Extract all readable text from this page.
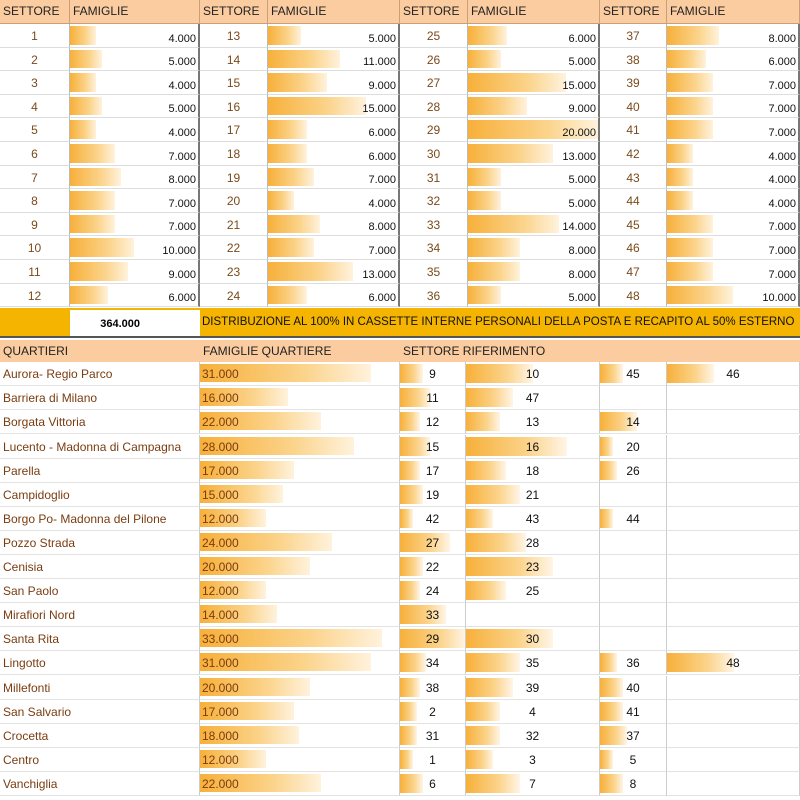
SETTORE FAMIGLIE	SETTORE FAMIGLIE	SETTORE FAMIGLIE	SETTORE FAMIGLIE
1	4.000	13	5.000	25	6.000	37	8.000
2	5.000	14	11.000	26	5.000	38	6.000
3	4.000	15	9.000	27	15.000	39	7.000
4	5.000	16	15.000	28	9.000	40	7.000
5	4.000	17	6.000	29	20.000	41	7.000
6	7.000	18	6.000	30	13.000	42	4.000
7	8.000	19	7.000	31	5.000	43	4.000
8	7.000	20	4.000	32	5.000	44	4.000
9	7.000	21	8.000	33	14.000	45	7.000
10	10.000	22	7.000	34	8.000	46	7.000
11	9.000	23	13.000	35	8.000	47	7.000
12	6.000	24	6.000	36	5.000	48	10.000
364.000	DISTRIBUZIONE AL 100% IN CASSETTE INTERNE PERSONALI DELLA POSTA E RECAPITO AL 50% ESTERNO
QUARTIERI	FAMIGLIE QUARTIERE	SETTORE RIFERIMENTO
Aurora- Regio Parco	31.000	9	10	45	46
Barriera di Milano	16.000	11	47
Borgata Vittoria	22.000	12	13	14
Lucento - Madonna di Campagna 28.000	15	16	20
Parella	17.000	17	18	26
Campidoglio	15.000	19	21
Borgo Po- Madonna del Pilone	12.000	42	43	44
Pozzo Strada	24.000	27	28
Cenisia	20.000	22	23
San Paolo	12.000	24	25
Mirafiori Nord	14.000	33
Santa Rita	33.000	29	30
Lingotto	31.000	34	35	36	48
Millefonti	20.000	38	39	40
San Salvario	17.000	2	4	41
Crocetta	18.000	31	32	37
Centro	12.000	1	3	5
Vanchiglia	22.000	6	7	8
